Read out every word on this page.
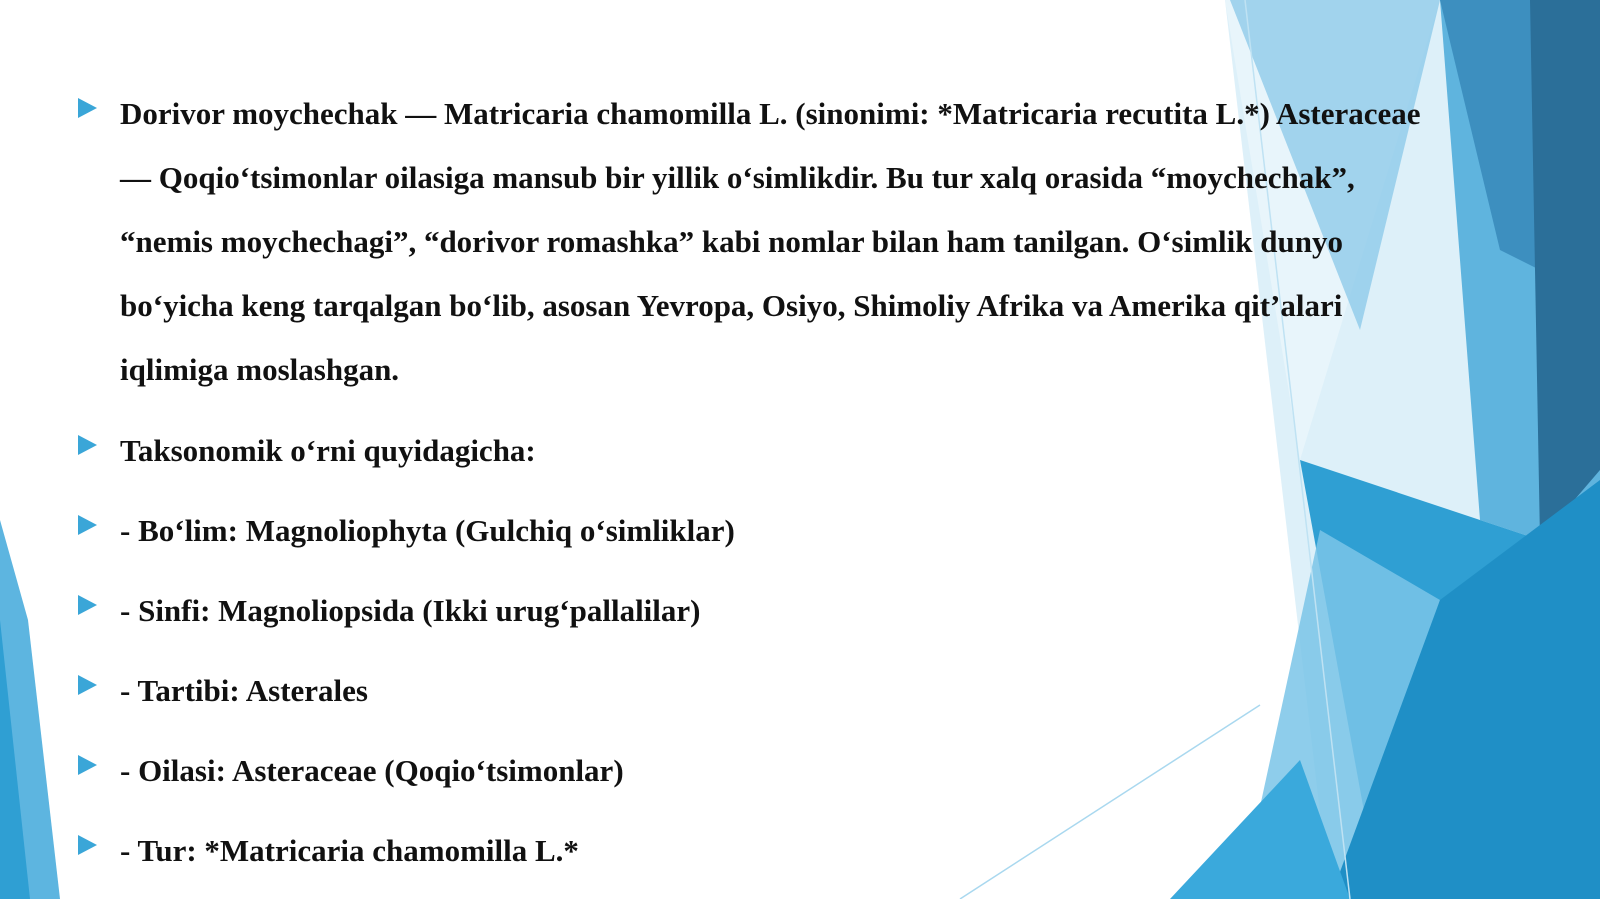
Dorivor moychechak — Matricaria chamomilla L. (sinonimi: *Matricaria recutita L.*) Asteraceae — Qoqio‘tsimonlar oilasiga mansub bir yillik o‘simlikdir. Bu tur xalq orasida “moychechak”, “nemis moychechagi”, “dorivor romashka” kabi nomlar bilan ham tanilgan. O‘simlik dunyo bo‘yicha keng tarqalgan bo‘lib, asosan Yevropa, Osiyo, Shimoliy Afrika va Amerika qit’alari iqlimiga moslashgan.

Taksonomik o‘rni quyidagicha:

- Bo‘lim: Magnoliophyta (Gulchiq o‘simliklar)

- Sinfi: Magnoliopsida (Ikki urug‘pallalilar)

- Tartibi: Asterales

- Oilasi: Asteraceae (Qoqio‘tsimonlar)

- Tur: *Matricaria chamomilla L.*
